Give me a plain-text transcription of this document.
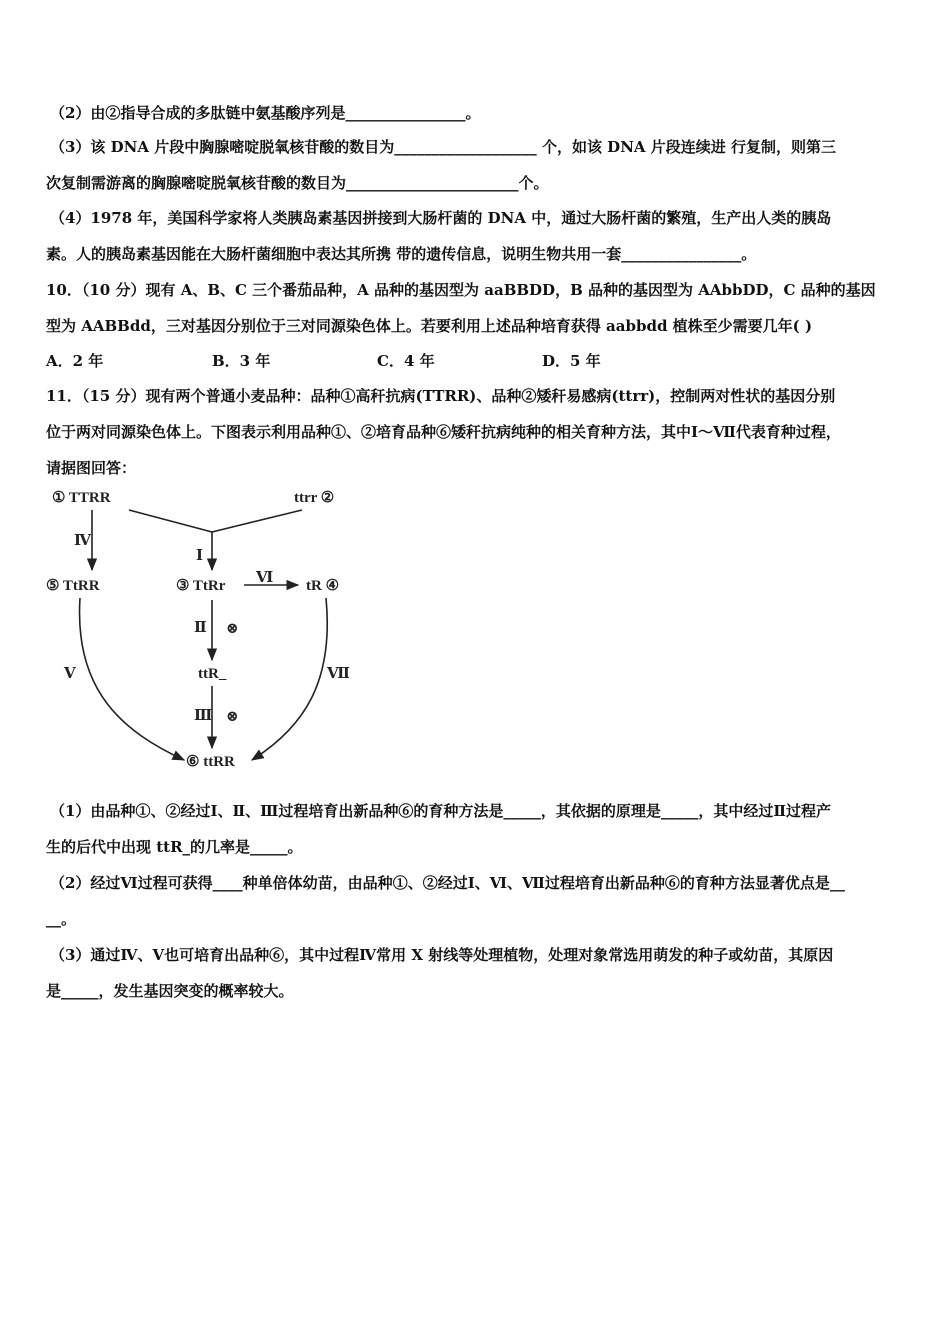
（2）由②指导合成的多肽链中氨基酸序列是________________。
（3）该 DNA 片段中胸腺嘧啶脱氧核苷酸的数目为___________________ 个，如该 DNA 片段连续进 行复制，则第三
次复制需游离的胸腺嘧啶脱氧核苷酸的数目为_______________________个。
（4）1978 年，美国科学家将人类胰岛素基因拼接到大肠杆菌的 DNA 中，通过大肠杆菌的繁殖，生产出人类的胰岛
素。人的胰岛素基因能在大肠杆菌细胞中表达其所携 带的遗传信息，说明生物共用一套________________。
10．（10 分）现有 A、B、C 三个番茄品种，A 品种的基因型为 aaBBDD，B 品种的基因型为 AAbbDD，C 品种的基因
型为 AABBdd，三对基因分别位于三对同源染色体上。若要利用上述品种培育获得 aabbdd 植株至少需要几年( )
A．2 年	B．3 年	C．4 年	D．5 年
11．（15 分）现有两个普通小麦品种：品种①高秆抗病(TTRR)、品种②矮秆易感病(ttrr)，控制两对性状的基因分别
位于两对同源染色体上。下图表示利用品种①、②培育品种⑥矮秆抗病纯种的相关育种方法，其中Ⅰ～Ⅶ代表育种过程，
请据图回答：
① TTRR	ttrr ②
⑤ TtRR	③ TtRr	tR ④
ttR_
⑥ ttRR
Ⅰ
Ⅱ
Ⅲ
Ⅳ
Ⅴ
Ⅵ
Ⅶ
⊗
⊗
（1）由品种①、②经过Ⅰ、Ⅱ、Ⅲ过程培育出新品种⑥的育种方法是_____，其依据的原理是_____，其中经过Ⅱ过程产
生的后代中出现 ttR_的几率是_____。
（2）经过Ⅵ过程可获得____种单倍体幼苗，由品种①、②经过Ⅰ、Ⅵ、Ⅶ过程培育出新品种⑥的育种方法显著优点是__
__。
（3）通过Ⅳ、Ⅴ也可培育出品种⑥，其中过程Ⅳ常用 X 射线等处理植物，处理对象常选用萌发的种子或幼苗，其原因
是_____，发生基因突变的概率较大。
